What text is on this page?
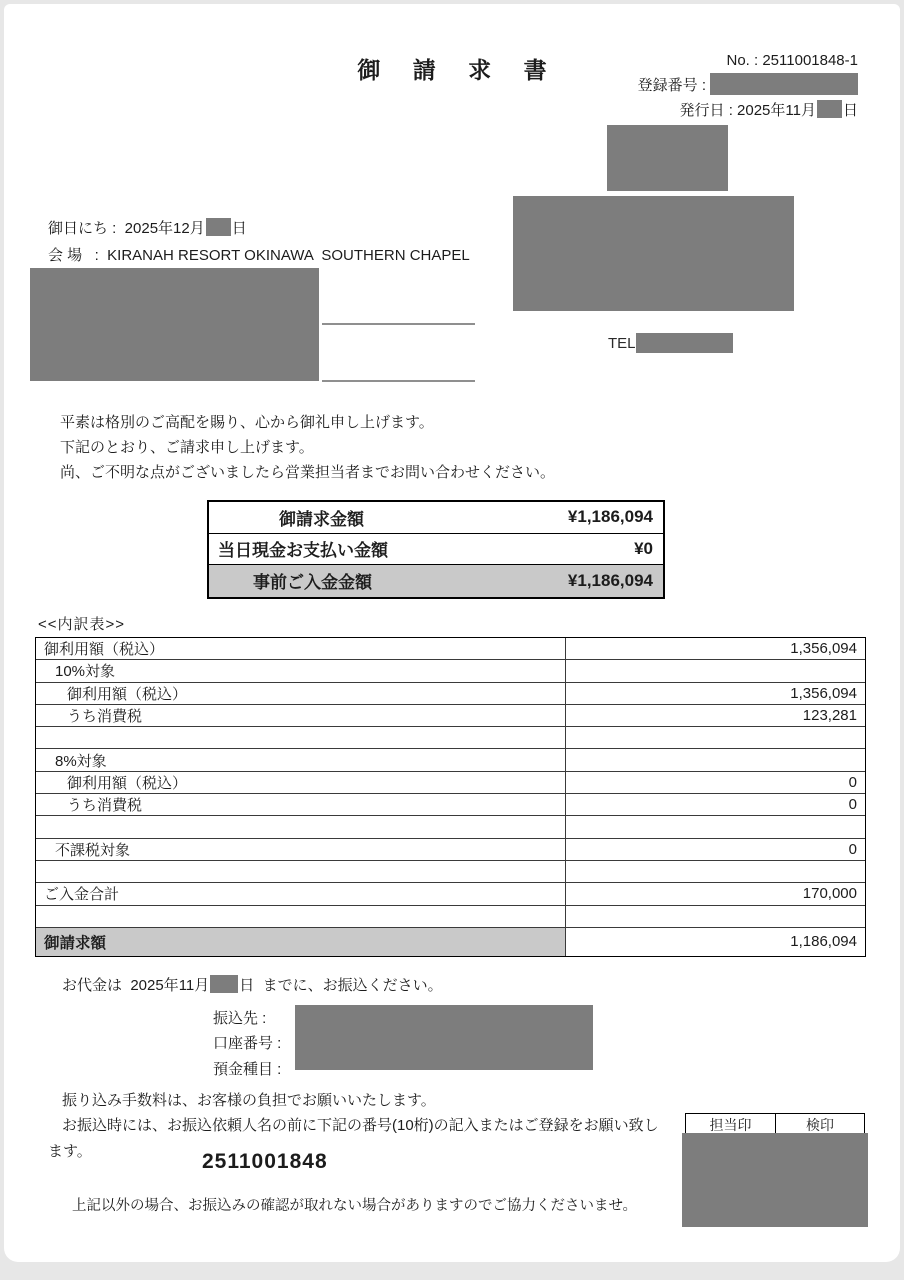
御 請 求 書	No. : 2511001848-1
登録番号 :
発行日 : 2025年11月 日
御日にち :  2025年12月 日
会 場   :  KIRANAH RESORT OKINAWA  SOUTHERN CHAPEL
TEL
平素は格別のご高配を賜り、心から御礼申し上げます。
下記のとおり、ご請求申し上げます。
尚、ご不明な点がございましたら営業担当者までお問い合わせください。
御請求金額	¥1,186,094
当日現金お支払い金額	¥0
事前ご入金金額	¥1,186,094
<<内訳表>>
御利用額（税込）	1,356,094
10%対象
御利用額（税込）	1,356,094
うち消費税	123,281
8%対象
御利用額（税込）	0
うち消費税	0
不課税対象	0
ご入金合計	170,000
御請求額	1,186,094
お代金は  2025年11月 日  までに、お振込ください。
振込先 :
口座番号 :
預金種目 :
振り込み手数料は、お客様の負担でお願いいたします。
お振込時には、お振込依頼人名の前に下記の番号(10桁)の記入またはご登録をお願い致し
ます。	2511001848
上記以外の場合、お振込みの確認が取れない場合がありますのでご協力くださいませ。
担当印	検印
